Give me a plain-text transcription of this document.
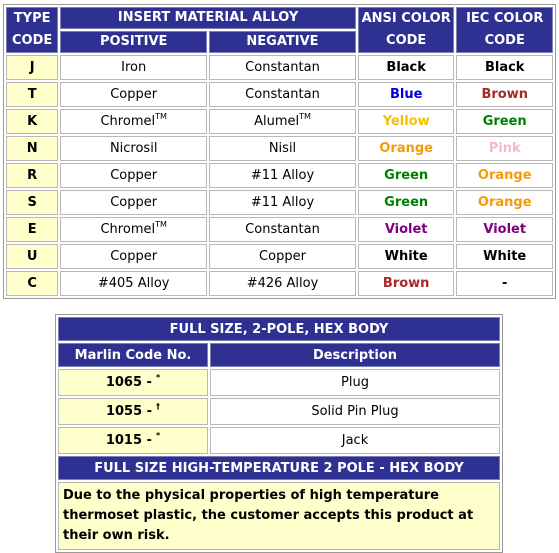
TYPE CODE	INSERT MATERIAL ALLOY		ANSI COLOR CODE	IEC COLOR CODE
	POSITIVE	NEGATIVE		
J	Iron	Constantan	Black	Black
T	Copper	Constantan	Blue	Brown
K	Chromel™	Alumel™	Yellow	Green
N	Nicrosil	Nisil	Orange	Pink
R	Copper	#11 Alloy	Green	Orange
S	Copper	#11 Alloy	Green	Orange
E	Chromel™	Constantan	Violet	Violet
U	Copper	Copper	White	White
C	#405 Alloy	#426 Alloy	Brown	-
FULL SIZE, 2-POLE, HEX BODY	
Marlin Code No.	Description
1065 - *	Plug
1055 - †	Solid Pin Plug
1015 - *	Jack
FULL SIZE HIGH-TEMPERATURE 2 POLE - HEX BODY	
Due to the physical properties of high temperature thermoset plastic, the customer accepts this product at their own risk.	
